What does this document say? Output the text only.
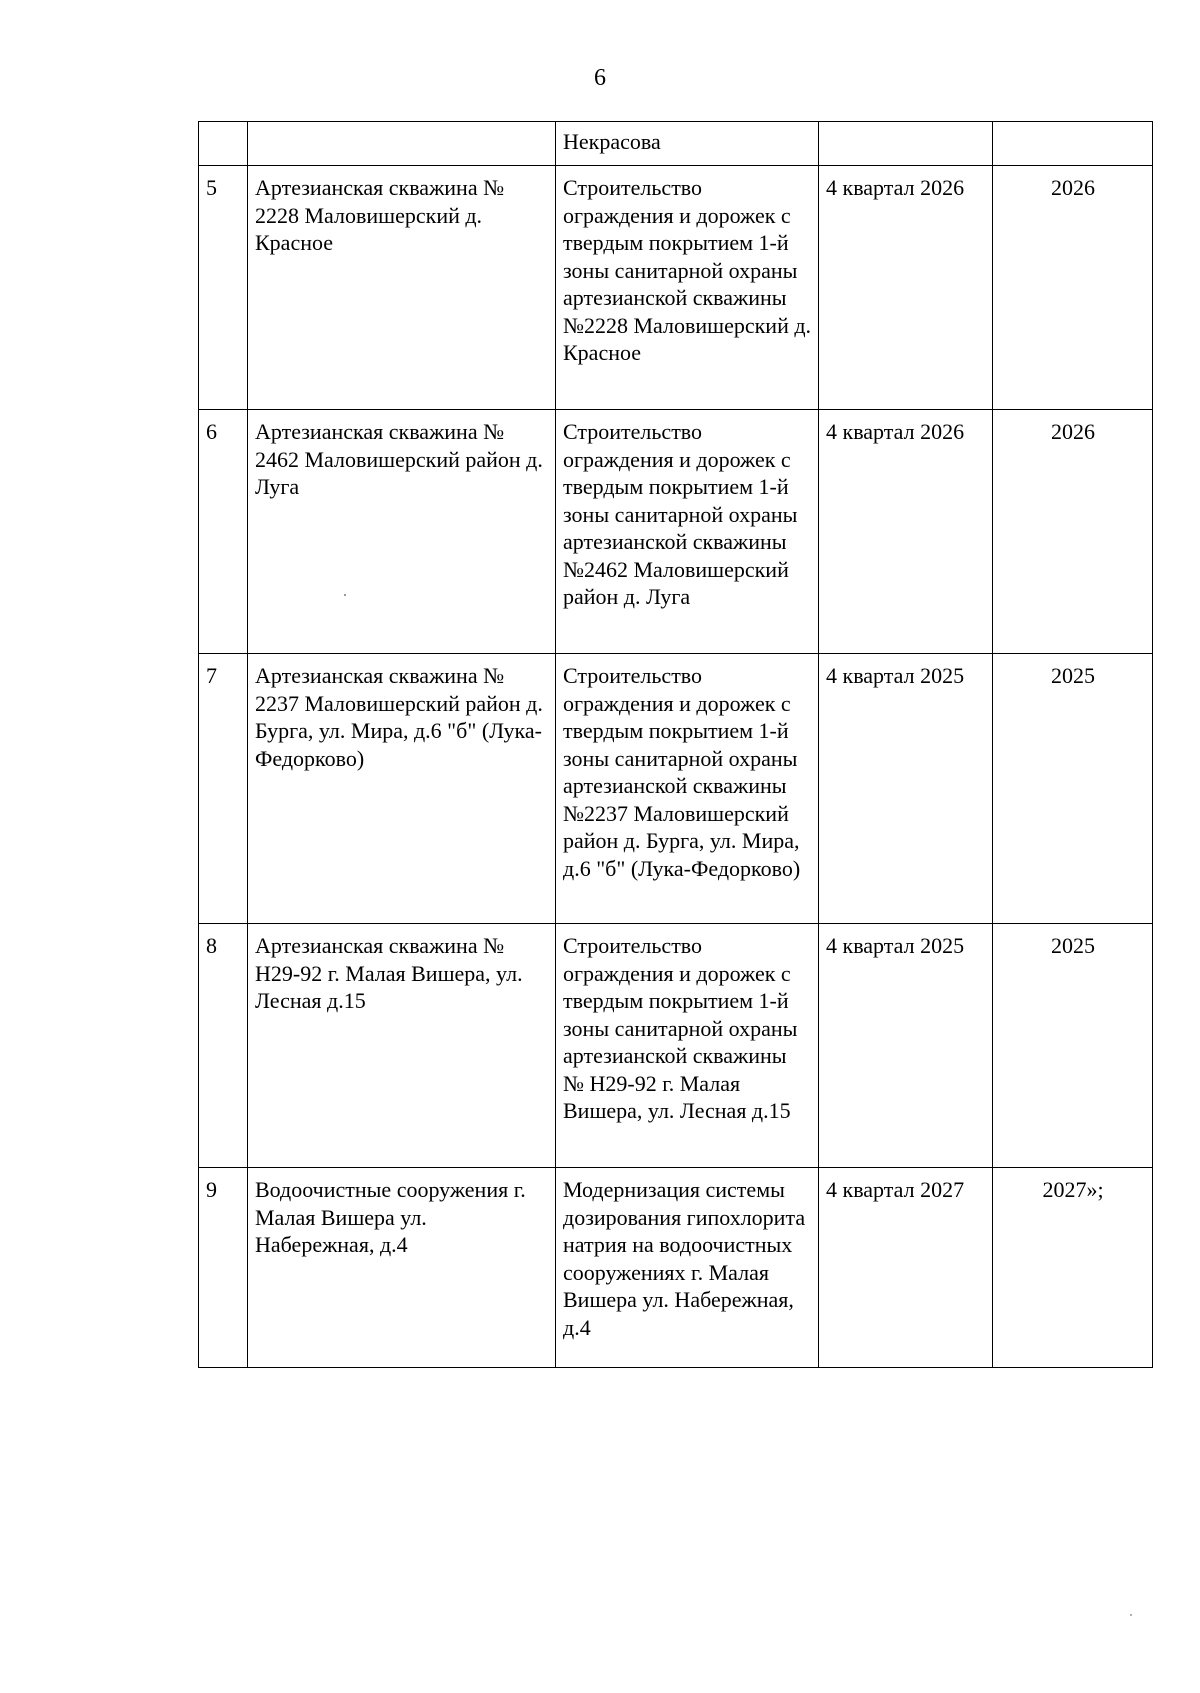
6
		Некрасова		
5	Артезианская скважина № 2228 Маловишерский д. Красное	Строительство ограждения и дорожек с твердым покрытием 1-й зоны санитарной охраны артезианской скважины №2228 Маловишерский д. Красное	4 квартал 2026	2026
6	Артезианская скважина № 2462 Маловишерский район д. Луга	Строительство ограждения и дорожек с твердым покрытием 1-й зоны санитарной охраны артезианской скважины №2462 Маловишерский район д. Луга	4 квартал 2026	2026
7	Артезианская скважина № 2237 Маловишерский район д. Бурга, ул. Мира, д.6 "б" (Лука-Федорково)	Строительство ограждения и дорожек с твердым покрытием 1-й зоны санитарной охраны артезианской скважины №2237 Маловишерский район д. Бурга, ул. Мира, д.6 "б" (Лука-Федорково)	4 квартал 2025	2025
8	Артезианская скважина № Н29-92 г. Малая Вишера, ул. Лесная д.15	Строительство ограждения и дорожек с твердым покрытием 1-й зоны санитарной охраны артезианской скважины № Н29-92 г. Малая Вишера, ул. Лесная д.15	4 квартал 2025	2025
9	Водоочистные сооружения г. Малая Вишера ул. Набережная, д.4	Модернизация системы дозирования гипохлорита натрия на водоочистных сооружениях г. Малая Вишера ул. Набережная, д.4	4 квартал 2027	2027»;
